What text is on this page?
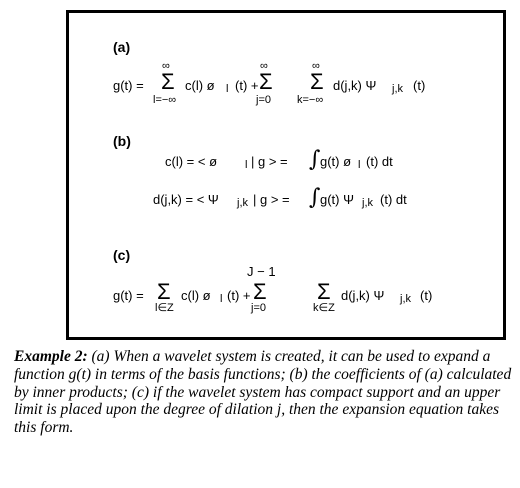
(a)
g(t) =
∞
Σ
l=−∞
c(l) ø l (t) +
∞
Σ
j=0
∞
Σ
k=−∞
d(j,k) Ψ j,k (t)
(b)
c(l) = < ø	l | g > = ∫ g(t) ø l (t) dt
d(j,k) = < Ψ j,k | g > = ∫ g(t) Ψ j,k (t) dt
(c)
g(t) = Σ
l∈Z
c(l) ø l (t) +
J − 1
Σ
j=0
Σ
k∈Z
d(j,k) Ψ j,k (t)
Example 2: (a) When a wavelet system is created, it can be used to expand a function g(t) in terms of the basis functions; (b) the coefficients of (a) calculated by inner products; (c) if the wavelet system has compact support and an upper limit is placed upon the degree of dilation j, then the expansion equation takes this form.
